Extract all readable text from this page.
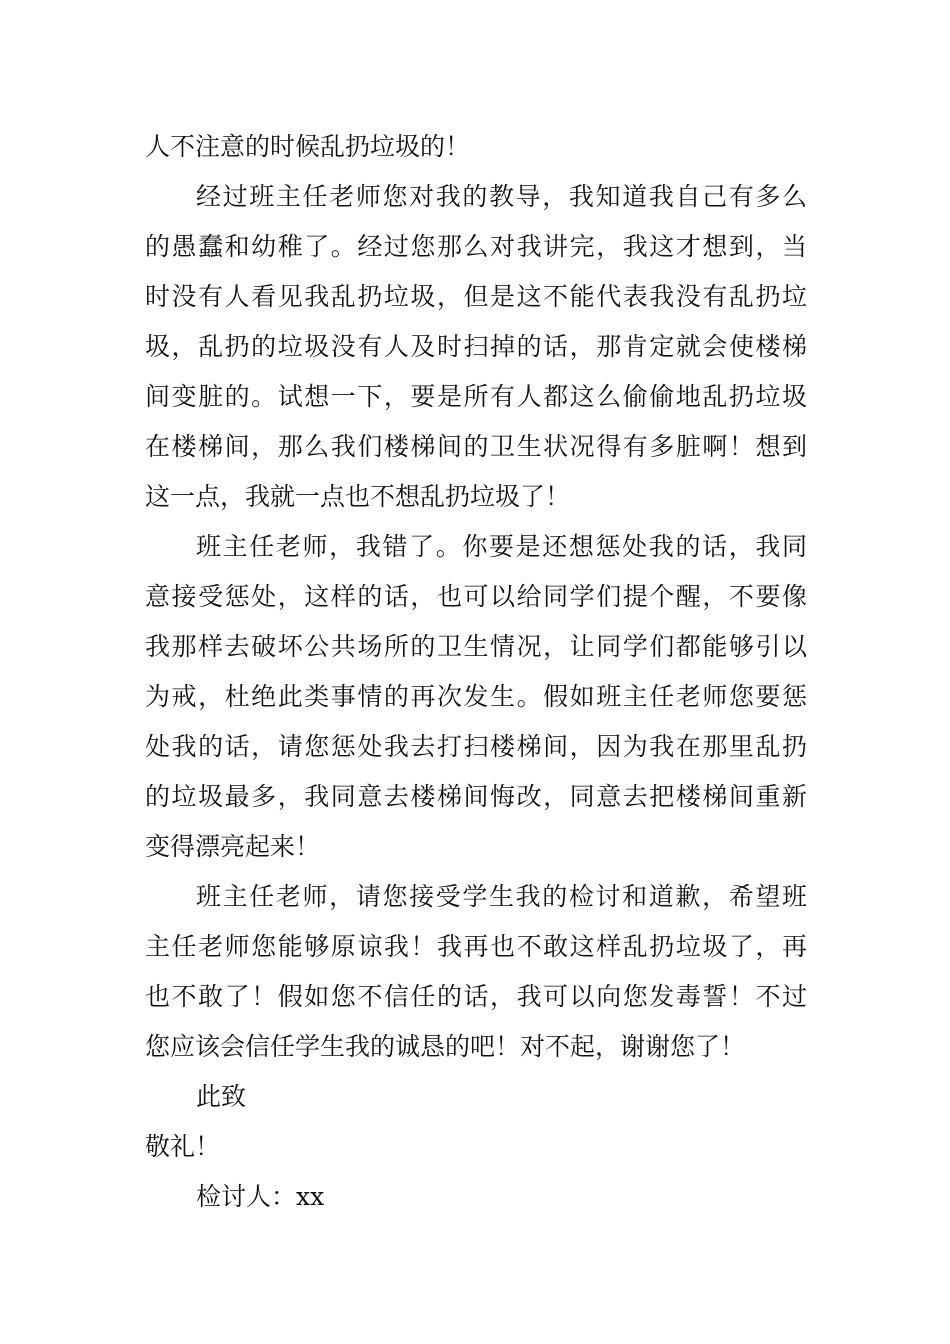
人不注意的时候乱扔垃圾的！
经过班主任老师您对我的教导，我知道我自己有多么
的愚蠢和幼稚了。经过您那么对我讲完，我这才想到，当
时没有人看见我乱扔垃圾，但是这不能代表我没有乱扔垃
圾，乱扔的垃圾没有人及时扫掉的话，那肯定就会使楼梯
间变脏的。试想一下，要是所有人都这么偷偷地乱扔垃圾
在楼梯间，那么我们楼梯间的卫生状况得有多脏啊！想到
这一点，我就一点也不想乱扔垃圾了！
班主任老师，我错了。你要是还想惩处我的话，我同
意接受惩处，这样的话，也可以给同学们提个醒，不要像
我那样去破坏公共场所的卫生情况，让同学们都能够引以
为戒，杜绝此类事情的再次发生。假如班主任老师您要惩
处我的话，请您惩处我去打扫楼梯间，因为我在那里乱扔
的垃圾最多，我同意去楼梯间悔改，同意去把楼梯间重新
变得漂亮起来！
班主任老师，请您接受学生我的检讨和道歉，希望班
主任老师您能够原谅我！我再也不敢这样乱扔垃圾了，再
也不敢了！假如您不信任的话，我可以向您发毒誓！不过
您应该会信任学生我的诚恳的吧！对不起，谢谢您了！
此致
敬礼！
检讨人：xx
